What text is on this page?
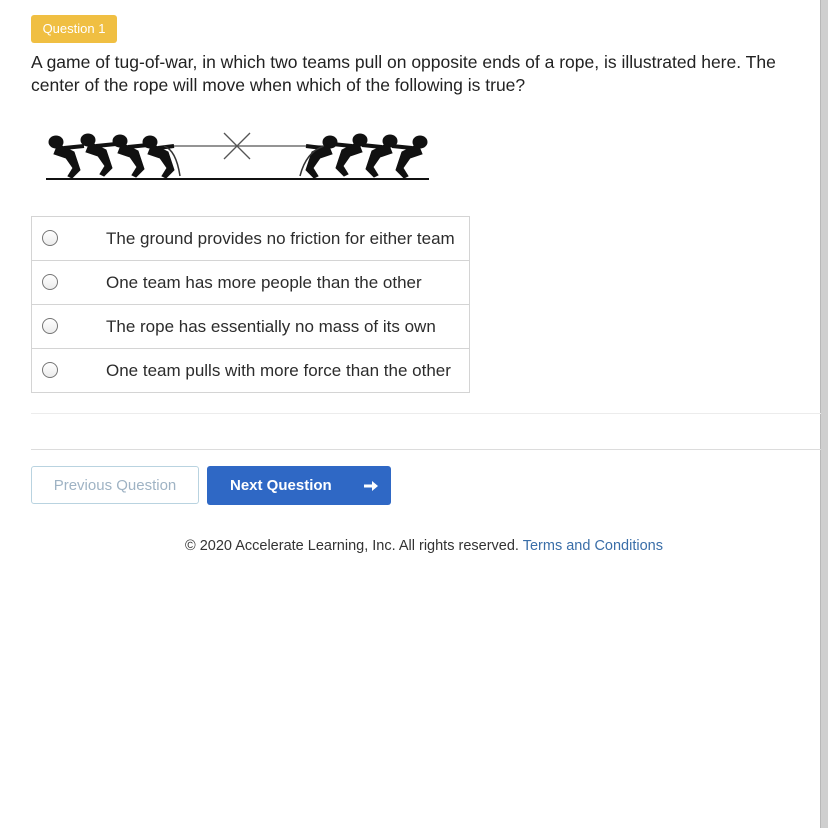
Question 1
A game of tug-of-war, in which two teams pull on opposite ends of a rope, is illustrated here. The center of the rope will move when which of the following is true?
	The ground provides no friction for either team
	One team has more people than the other
	The rope has essentially no mass of its own
	One team pulls with more force than the other
Previous Question	Next Question
© 2020 Accelerate Learning, Inc. All rights reserved. Terms and Conditions
